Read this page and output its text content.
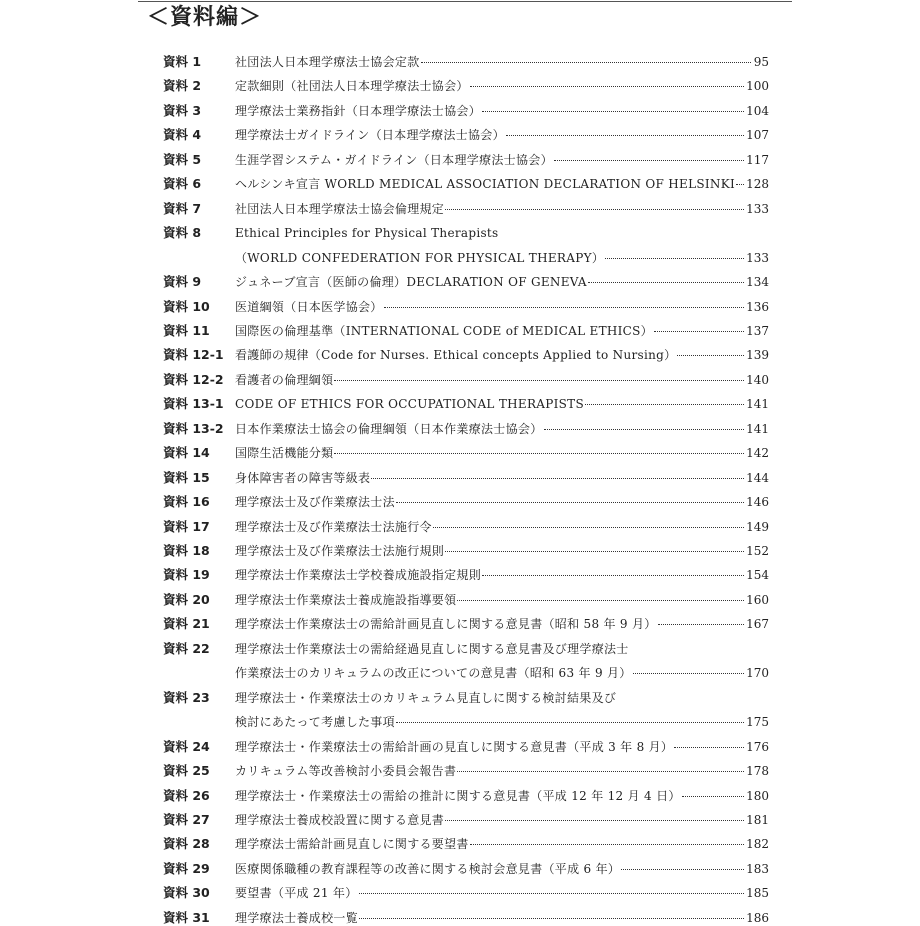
＜資料編＞
資料 1	社団法人日本理学療法士協会定款	95
資料 2	定款細則（社団法人日本理学療法士協会）	100
資料 3	理学療法士業務指針（日本理学療法士協会）	104
資料 4	理学療法士ガイドライン（日本理学療法士協会）	107
資料 5	生涯学習システム・ガイドライン（日本理学療法士協会）	117
資料 6	ヘルシンキ宣言 WORLD MEDICAL ASSOCIATION DECLARATION OF HELSINKI 128
資料 7	社団法人日本理学療法士協会倫理規定	133
資料 8	Ethical Principles for Physical Therapists
（WORLD CONFEDERATION FOR PHYSICAL THERAPY）	133
資料 9	ジュネーブ宣言（医師の倫理）DECLARATION OF GENEVA	134
資料 10 医道綱領（日本医学協会）	136
資料 11 国際医の倫理基準（INTERNATIONAL CODE of MEDICAL ETHICS）	137
資料 12-1 看護師の規律（Code for Nurses. Ethical concepts Applied to Nursing）	139
資料 12-2 看護者の倫理綱領	140
資料 13-1 CODE OF ETHICS FOR OCCUPATIONAL THERAPISTS	141
資料 13-2 日本作業療法士協会の倫理綱領（日本作業療法士協会）	141
資料 14 国際生活機能分類	142
資料 15 身体障害者の障害等級表	144
資料 16 理学療法士及び作業療法士法	146
資料 17 理学療法士及び作業療法士法施行令	149
資料 18 理学療法士及び作業療法士法施行規則	152
資料 19 理学療法士作業療法士学校養成施設指定規則	154
資料 20 理学療法士作業療法士養成施設指導要領	160
資料 21 理学療法士作業療法士の需給計画見直しに関する意見書（昭和 58 年 9 月）	167
資料 22 理学療法士作業療法士の需給経過見直しに関する意見書及び理学療法士
作業療法士のカリキュラムの改正についての意見書（昭和 63 年 9 月）	170
資料 23 理学療法士・作業療法士のカリキュラム見直しに関する検討結果及び
検討にあたって考慮した事項	175
資料 24 理学療法士・作業療法士の需給計画の見直しに関する意見書（平成 3 年 8 月）	176
資料 25 カリキュラム等改善検討小委員会報告書	178
資料 26 理学療法士・作業療法士の需給の推計に関する意見書（平成 12 年 12 月 4 日）	180
資料 27 理学療法士養成校設置に関する意見書	181
資料 28 理学療法士需給計画見直しに関する要望書	182
資料 29 医療関係職種の教育課程等の改善に関する検討会意見書（平成 6 年）	183
資料 30 要望書（平成 21 年）	185
資料 31 理学療法士養成校一覧	186
